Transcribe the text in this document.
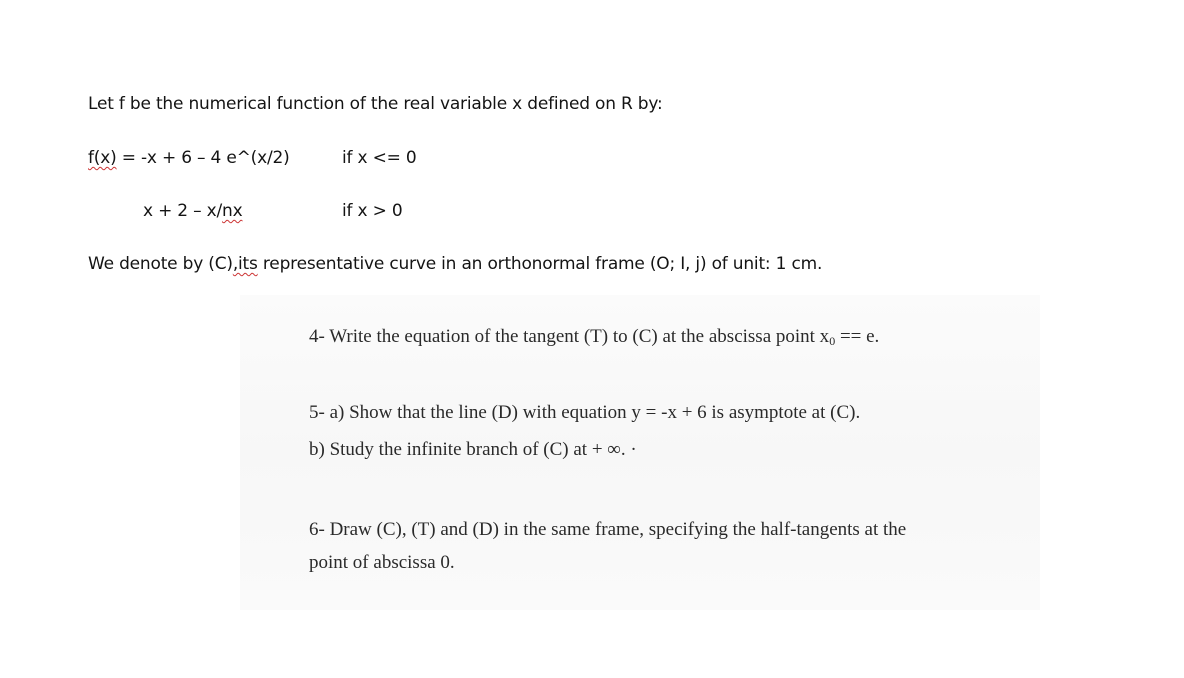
Let f be the numerical function of the real variable x defined on R by:
f(x) = -x + 6 – 4 e^(x/2)	if x <= 0
x + 2 – x/nx	if x > 0
We denote by (C),its representative curve in an orthonormal frame (O; I, j) of unit: 1 cm.
4- Write the equation of the tangent (T) to (C) at the abscissa point $x_0 == e$.
5- a) Show that the line (D) with equation y = -x + 6 is asymptote at (C).
b) Study the infinite branch of (C) at + ∞. ·
6- Draw (C), (T) and (D) in the same frame, specifying the half-tangents at the
point of abscissa 0.
